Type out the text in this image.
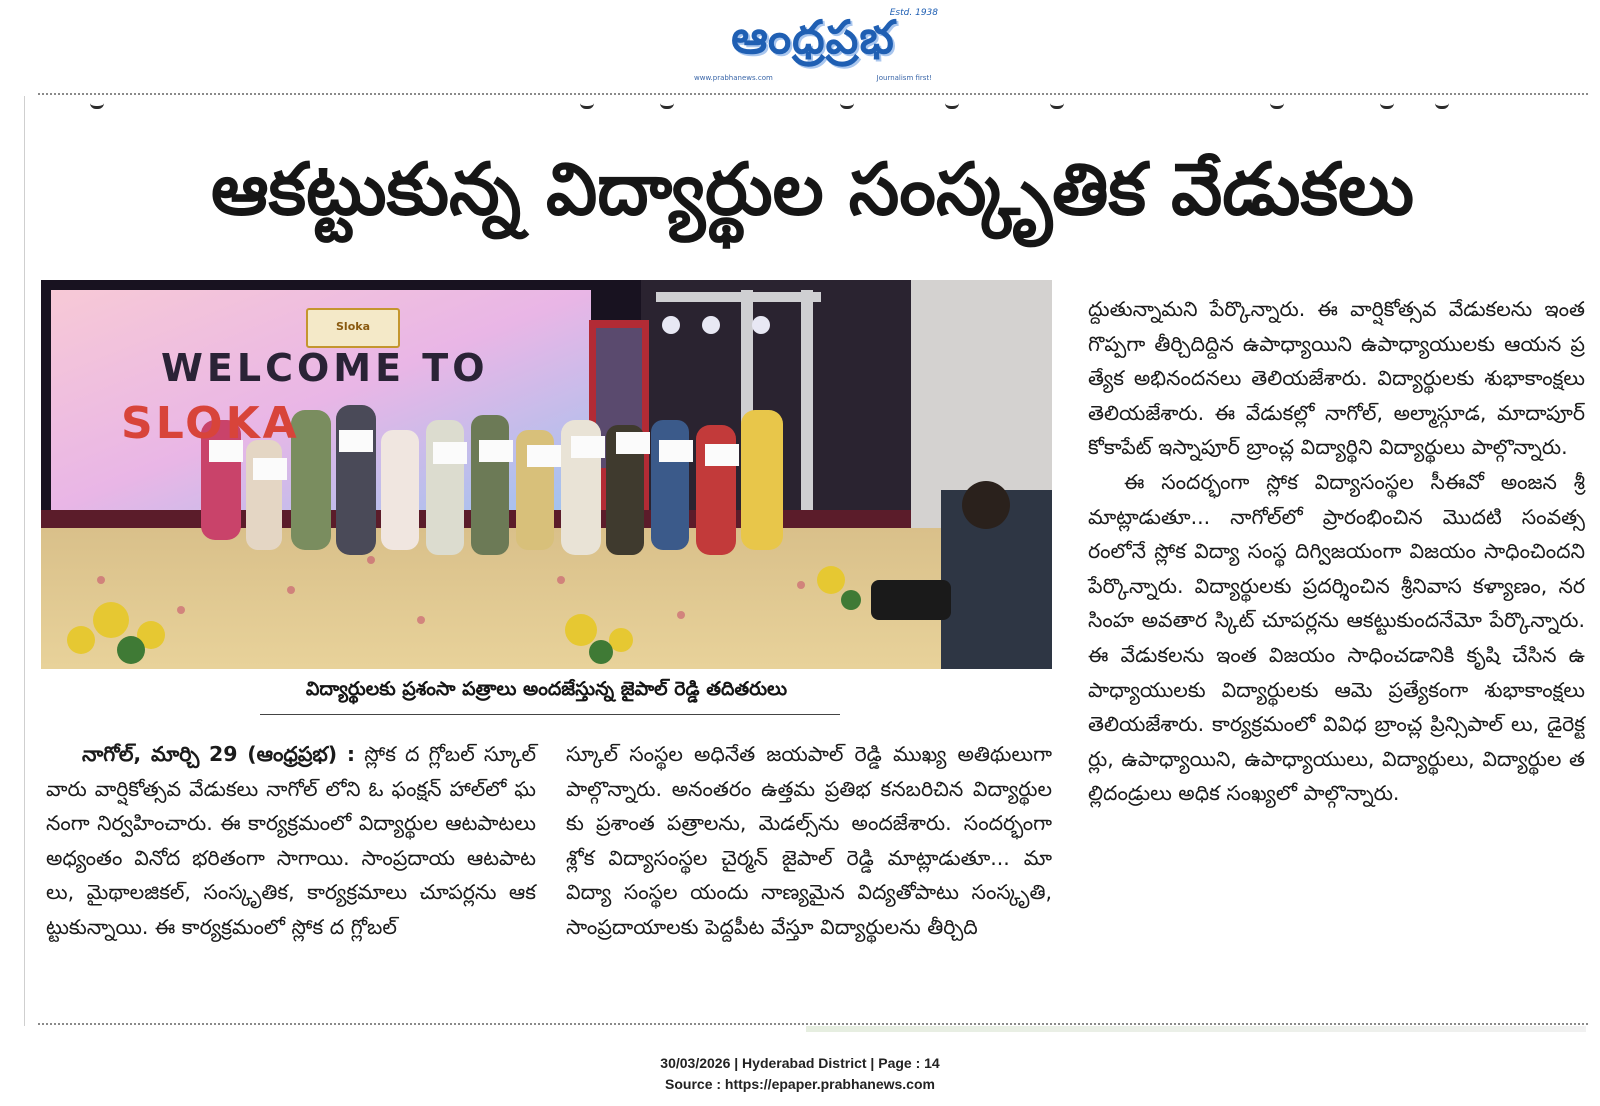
ఆంధ్రప్రభ
Estd. 1938
www.prabhanews.com	Journalism first!
ఆకట్టుకున్న విద్యార్థుల సంస్కృతిక వేడుకలు
Sloka
WELCOME TO
SLOKA
విద్యార్థులకు ప్రశంసా పత్రాలు అందజేస్తున్న జైపాల్ రెడ్డి తదితరులు

నాగోల్, మార్చి 29 (ఆంధ్రప్రభ) : స్లోక ద గ్లోబల్ స్కూల్ వారు వార్షికోత్సవ వేడుకలు నాగోల్ లోని ఓ ఫంక్షన్ హాల్‌లో ఘనంగా నిర్వహించారు. ఈ కార్యక్రమంలో విద్యార్థుల ఆటపాటలు అధ్యంతం వినోద భరితంగా సాగాయి. సాంప్రదాయ ఆటపాటలు, మైథాలజికల్, సంస్కృతిక, కార్యక్రమాలు చూపర్లను ఆకట్టుకున్నాయి. ఈ కార్యక్రమంలో స్లోక ద గ్లోబల్

స్కూల్ సంస్థల అధినేత జయపాల్ రెడ్డి ముఖ్య అతిథులుగా పాల్గొన్నారు. అనంతరం ఉత్తమ ప్రతిభ కనబరిచిన విద్యార్థులకు ప్రశాంత పత్రాలను, మెడల్స్‌ను అందజేశారు. సందర్భంగా శ్లోక విద్యాసంస్థల చైర్మన్ జైపాల్ రెడ్డి మాట్లాడుతూ... మా విద్యా సంస్థల యందు నాణ్యమైన విద్యతోపాటు సంస్కృతి, సాంప్రదాయాలకు పెద్దపీట వేస్తూ విద్యార్థులను తీర్చిది

ద్దుతున్నామని పేర్కొన్నారు. ఈ వార్షికోత్సవ వేడుకలను ఇంత గొప్పగా తీర్చిదిద్దిన ఉపాధ్యాయిని ఉపాధ్యాయులకు ఆయన ప్రత్యేక అభినందనలు తెలియజేశారు. విద్యార్థులకు శుభాకాంక్షలు తెలియజేశారు. ఈ వేడుకల్లో నాగోల్, అల్మాస్గూడ, మాదాపూర్ కోకాపేట్ ఇస్నాపూర్ బ్రాంచ్ల విద్యార్థిని విద్యార్థులు పాల్గొన్నారు.

ఈ సందర్భంగా స్లోక విద్యాసంస్థల సీఈవో అంజన శ్రీ మాట్లాడుతూ... నాగోల్‌లో ప్రారంభించిన మొదటి సంవత్సరంలోనే స్లోక విద్యా సంస్థ దిగ్విజయంగా విజయం సాధించిందని పేర్కొన్నారు. విద్యార్థులకు ప్రదర్శించిన శ్రీనివాస కళ్యాణం, నరసింహ అవతార స్కిట్ చూపర్లను ఆకట్టుకుందనేమో పేర్కొన్నారు. ఈ వేడుకలను ఇంత విజయం సాధించడానికి కృషి చేసిన ఉపాధ్యాయులకు విద్యార్థులకు ఆమె ప్రత్యేకంగా శుభాకాంక్షలు తెలియజేశారు. కార్యక్రమంలో వివిధ బ్రాంచ్ల ప్రిన్సిపాల్ లు, డైరెక్టర్లు, ఉపాధ్యాయిని, ఉపాధ్యాయులు, విద్యార్థులు, విద్యార్థుల తల్లిదండ్రులు అధిక సంఖ్యలో పాల్గొన్నారు.

30/03/2026 | Hyderabad District | Page : 14
Source : https://epaper.prabhanews.com
